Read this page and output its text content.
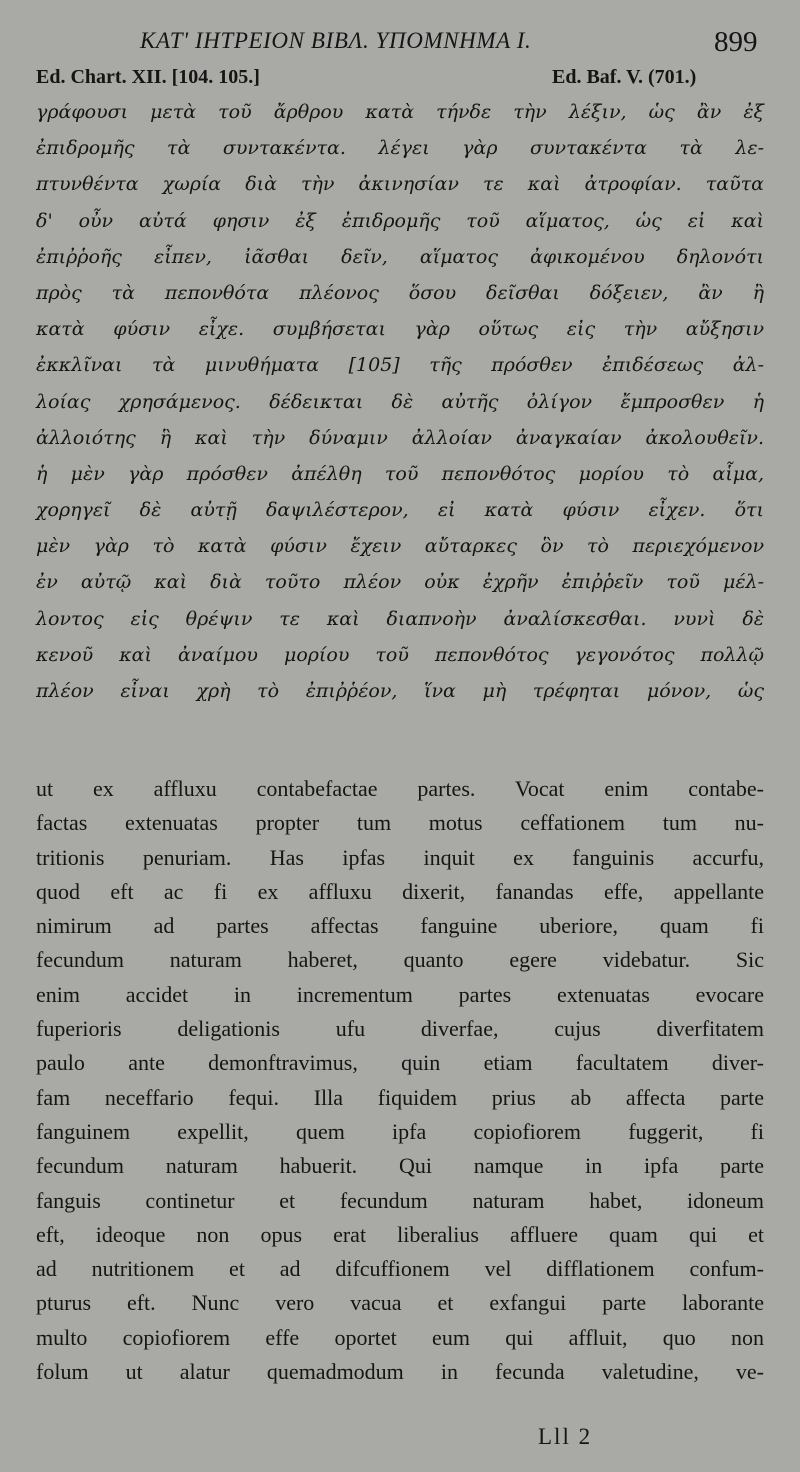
ΚΑΤ' ΙΗΤΡΕΙΟΝ ΒΙΒΛ. ΥΠΟΜΝΗΜΑ Ι.	899
Ed. Chart. XII. [104. 105.]	Ed. Baf. V. (701.)
γράφουσι μετὰ τοῦ ἄρθρου κατὰ τήνδε τὴν λέξιν, ὡς ἂν ἐξ
ἐπιδρομῆς τὰ συντακέντα. λέγει γὰρ συντακέντα τὰ λε-
πτυνθέντα χωρία διὰ τὴν ἀκινησίαν τε καὶ ἀτροφίαν. ταῦτα
δ' οὖν αὐτά φησιν ἐξ ἐπιδρομῆς τοῦ αἵματος, ὡς εἰ καὶ
ἐπιῤῥοῆς εἶπεν, ἰᾶσθαι δεῖν, αἵματος ἀφικομένου δηλονότι
πρὸς τὰ πεπονθότα πλέονος ὅσου δεῖσθαι δόξειεν, ἂν ἢ
κατὰ φύσιν εἶχε. συμβήσεται γὰρ οὕτως εἰς τὴν αὔξησιν
ἐκκλῖναι τὰ μινυθήματα [105] τῆς πρόσθεν ἐπιδέσεως ἀλ-
λοίας χρησάμενος. δέδεικται δὲ αὐτῆς ὀλίγον ἔμπροσθεν ἡ
ἀλλοιότης ἣ καὶ τὴν δύναμιν ἀλλοίαν ἀναγκαίαν ἀκολουθεῖν.
ἡ μὲν γὰρ πρόσθεν ἀπέλθη τοῦ πεπονθότος μορίου τὸ αἷμα,
χορηγεῖ δὲ αὐτῇ δαψιλέστερον, εἰ κατὰ φύσιν εἶχεν. ὅτι
μὲν γὰρ τὸ κατὰ φύσιν ἔχειν αὔταρκες ὃν τὸ περιεχόμενον
ἐν αὐτῷ καὶ διὰ τοῦτο πλέον οὐκ ἐχρῆν ἐπιῤῥεῖν τοῦ μέλ-
λοντος εἰς θρέψιν τε καὶ διαπνοὴν ἀναλίσκεσθαι. νυνὶ δὲ
κενοῦ καὶ ἀναίμου μορίου τοῦ πεπονθότος γεγονότος πολλῷ
πλέον εἶναι χρὴ τὸ ἐπιῤῥέον, ἵνα μὴ τρέφηται μόνον, ὡς
ut ex affluxu contabefactae partes. Vocat enim contabe-
factas extenuatas propter tum motus ceffationem tum nu-
tritionis penuriam. Has ipfas inquit ex fanguinis accurfu,
quod eft ac fi ex affluxu dixerit, fanandas effe, appellante
nimirum ad partes affectas fanguine uberiore, quam fi
fecundum naturam haberet, quanto egere videbatur. Sic
enim accidet in incrementum partes extenuatas evocare
fuperioris deligationis ufu diverfae, cujus diverfitatem
paulo ante demonftravimus, quin etiam facultatem diver-
fam neceffario fequi. Illa fiquidem prius ab affecta parte
fanguinem expellit, quem ipfa copiofiorem fuggerit, fi
fecundum naturam habuerit. Qui namque in ipfa parte
fanguis continetur et fecundum naturam habet, idoneum
eft, ideoque non opus erat liberalius affluere quam qui et
ad nutritionem et ad difcuffionem vel difflationem confum-
pturus eft. Nunc vero vacua et exfangui parte laborante
multo copiofiorem effe oportet eum qui affluit, quo non
folum ut alatur quemadmodum in fecunda valetudine, ve-
Lll 2
